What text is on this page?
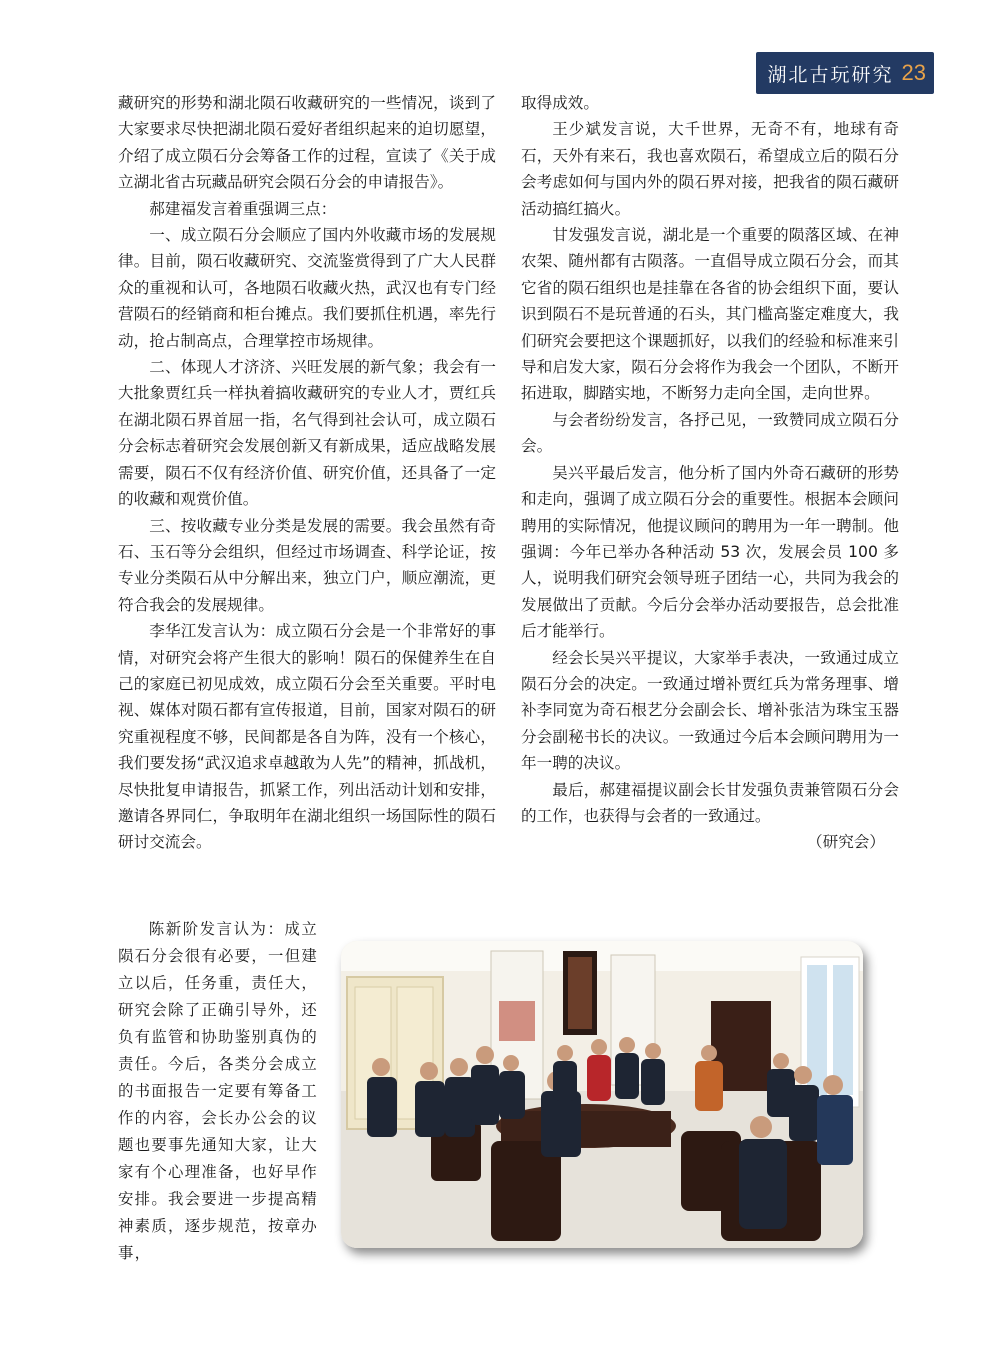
湖北古玩研究 23

藏研究的形势和湖北陨石收藏研究的一些情况，谈到了大家要求尽快把湖北陨石爱好者组织起来的迫切愿望，介绍了成立陨石分会筹备工作的过程，宣读了《关于成立湖北省古玩藏品研究会陨石分会的申请报告》。

郝建福发言着重强调三点：

一、成立陨石分会顺应了国内外收藏市场的发展规律。目前，陨石收藏研究、交流鉴赏得到了广大人民群众的重视和认可，各地陨石收藏火热，武汉也有专门经营陨石的经销商和柜台摊点。我们要抓住机遇，率先行动，抢占制高点，合理掌控市场规律。

二、体现人才济济、兴旺发展的新气象；我会有一大批象贾红兵一样执着搞收藏研究的专业人才，贾红兵在湖北陨石界首屈一指，名气得到社会认可，成立陨石分会标志着研究会发展创新又有新成果，适应战略发展需要，陨石不仅有经济价值、研究价值，还具备了一定的收藏和观赏价值。

三、按收藏专业分类是发展的需要。我会虽然有奇石、玉石等分会组织，但经过市场调查、科学论证，按专业分类陨石从中分解出来，独立门户，顺应潮流，更符合我会的发展规律。

李华江发言认为：成立陨石分会是一个非常好的事情，对研究会将产生很大的影响！陨石的保健养生在自己的家庭已初见成效，成立陨石分会至关重要。平时电视、媒体对陨石都有宣传报道，目前，国家对陨石的研究重视程度不够，民间都是各自为阵，没有一个核心，我们要发扬“武汉追求卓越敢为人先”的精神，抓战机，尽快批复申请报告，抓紧工作，列出活动计划和安排，邀请各界同仁，争取明年在湖北组织一场国际性的陨石研讨交流会。

陈新阶发言认为：成立陨石分会很有必要，一但建立以后，任务重，责任大，研究会除了正确引导外，还负有监管和协助鉴别真伪的责任。今后，各类分会成立的书面报告一定要有筹备工作的内容，会长办公会的议题也要事先通知大家，让大家有个心理准备，也好早作安排。我会要进一步提高精神素质，逐步规范，按章办事，

取得成效。

王少斌发言说，大千世界，无奇不有，地球有奇石，天外有来石，我也喜欢陨石，希望成立后的陨石分会考虑如何与国内外的陨石界对接，把我省的陨石藏研活动搞红搞火。

甘发强发言说，湖北是一个重要的陨落区域、在神农架、随州都有古陨落。一直倡导成立陨石分会，而其它省的陨石组织也是挂靠在各省的协会组织下面，要认识到陨石不是玩普通的石头，其门槛高鉴定难度大，我们研究会要把这个课题抓好，以我们的经验和标准来引导和启发大家，陨石分会将作为我会一个团队，不断开拓进取，脚踏实地，不断努力走向全国，走向世界。

与会者纷纷发言，各抒己见，一致赞同成立陨石分会。

吴兴平最后发言，他分析了国内外奇石藏研的形势和走向，强调了成立陨石分会的重要性。根据本会顾问聘用的实际情况，他提议顾问的聘用为一年一聘制。他强调：今年已举办各种活动 53 次，发展会员 100 多人，说明我们研究会领导班子团结一心，共同为我会的发展做出了贡献。今后分会举办活动要报告，总会批准后才能举行。

经会长吴兴平提议，大家举手表决，一致通过成立陨石分会的决定。一致通过增补贾红兵为常务理事、增补李同宽为奇石根艺分会副会长、增补张洁为珠宝玉器分会副秘书长的决议。一致通过今后本会顾问聘用为一年一聘的决议。

最后，郝建福提议副会长甘发强负责兼管陨石分会的工作，也获得与会者的一致通过。

（研究会）
